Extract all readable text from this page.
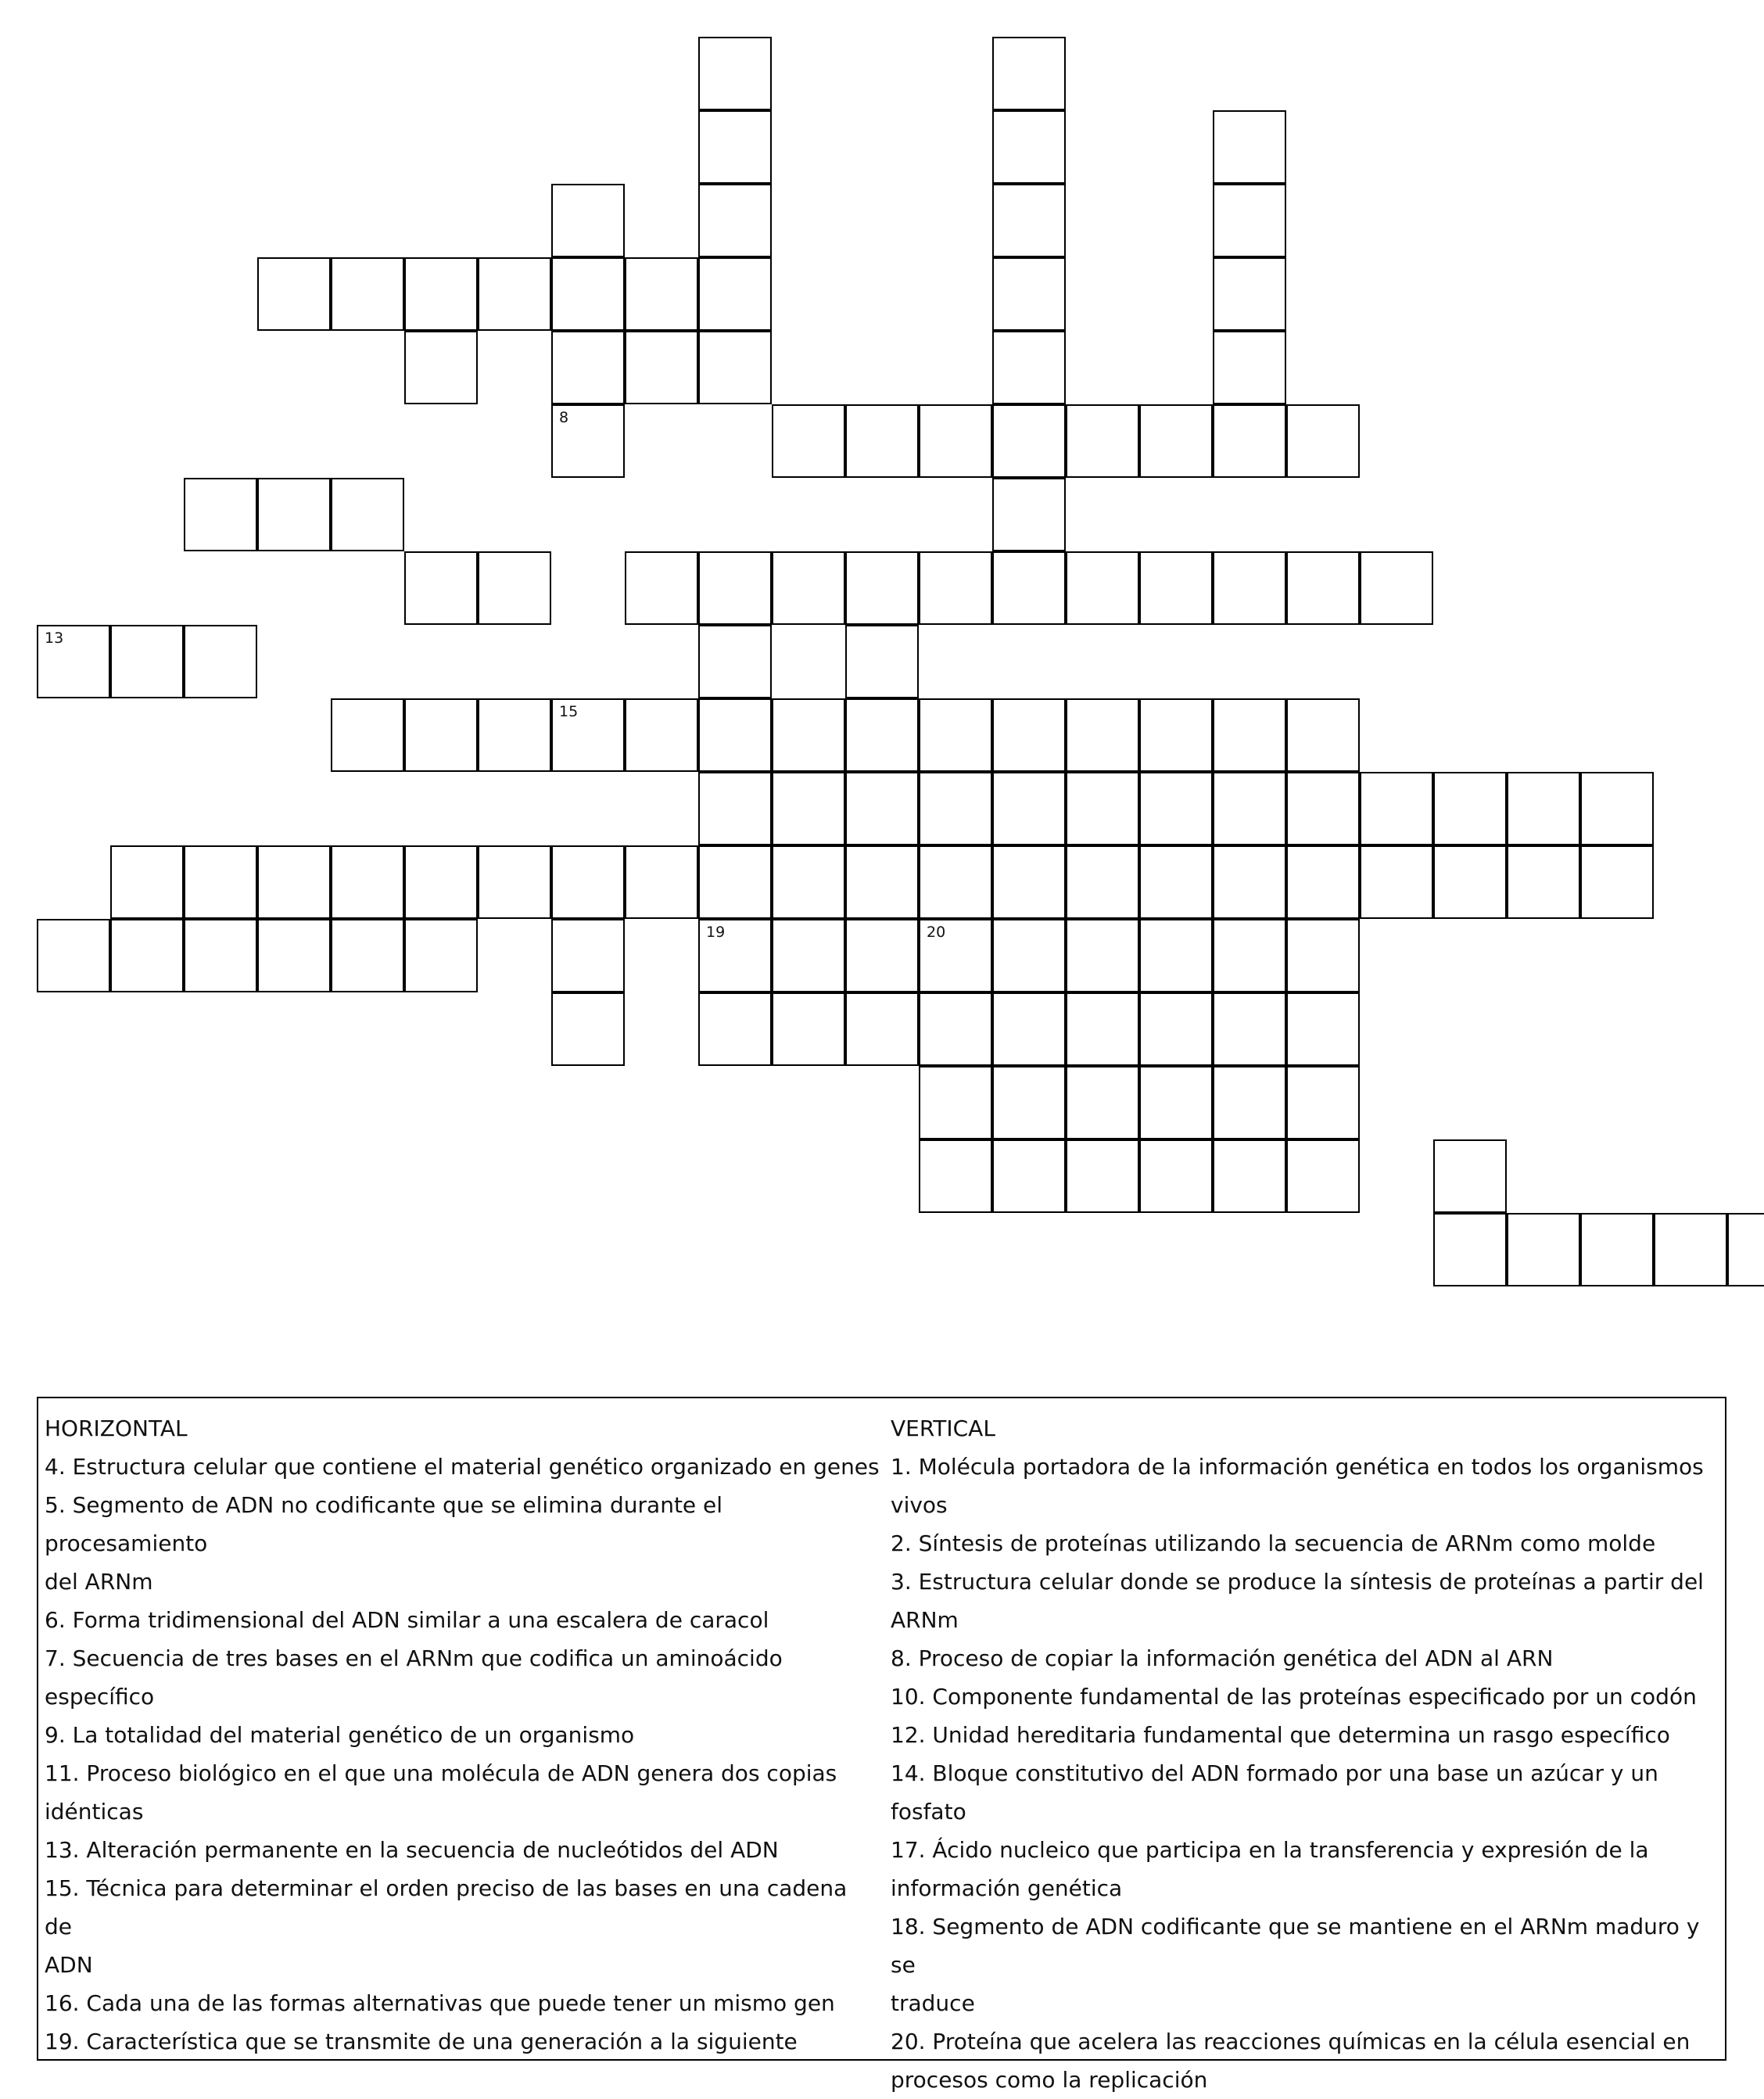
8
13
15
19	20
HORIZONTAL
4. Estructura celular que contiene el material genético organizado en genes
5. Segmento de ADN no codificante que se elimina durante el procesamiento
del ARNm
6. Forma tridimensional del ADN similar a una escalera de caracol
7. Secuencia de tres bases en el ARNm que codifica un aminoácido específico
9. La totalidad del material genético de un organismo
11. Proceso biológico en el que una molécula de ADN genera dos copias
idénticas
13. Alteración permanente en la secuencia de nucleótidos del ADN
15. Técnica para determinar el orden preciso de las bases en una cadena de
ADN
16. Cada una de las formas alternativas que puede tener un mismo gen
19. Característica que se transmite de una generación a la siguiente
VERTICAL
1. Molécula portadora de la información genética en todos los organismos
vivos
2. Síntesis de proteínas utilizando la secuencia de ARNm como molde
3. Estructura celular donde se produce la síntesis de proteínas a partir del
ARNm
8. Proceso de copiar la información genética del ADN al ARN
10. Componente fundamental de las proteínas especificado por un codón
12. Unidad hereditaria fundamental que determina un rasgo específico
14. Bloque constitutivo del ADN formado por una base un azúcar y un fosfato
17. Ácido nucleico que participa en la transferencia y expresión de la
información genética
18. Segmento de ADN codificante que se mantiene en el ARNm maduro y se
traduce
20. Proteína que acelera las reacciones químicas en la célula esencial en
procesos como la replicación
